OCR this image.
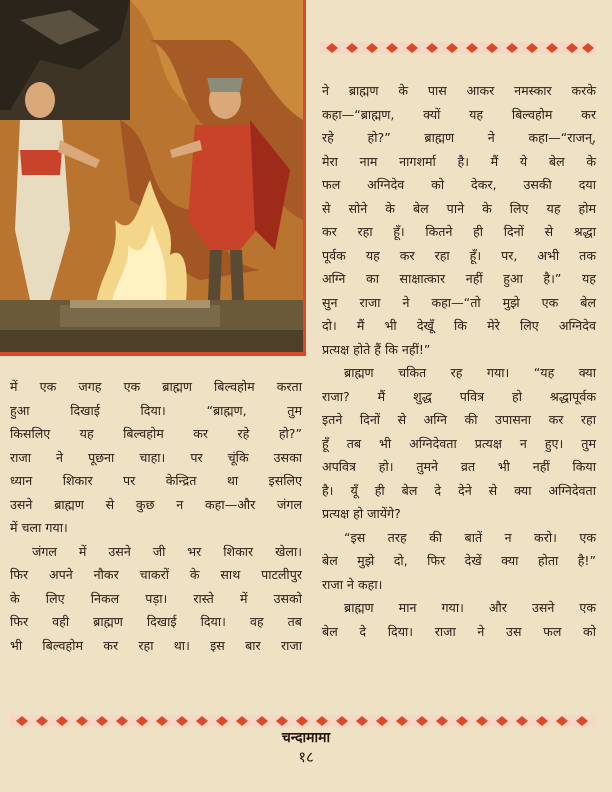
ने ब्राह्मण के पास आकर नमस्कार करके

कहा—“ब्राह्मण, क्यों यह बिल्वहोम कर

रहे हो?” ब्राह्मण ने कहा—“राजन्,

मेरा नाम नागशर्मा है। मैं ये बेल के

फल अग्निदेव को देकर, उसकी दया

से सोने के बेल पाने के लिए यह होम

कर रहा हूँ। कितने ही दिनों से श्रद्धा

पूर्वक यह कर रहा हूँ। पर, अभी तक

अग्नि का साक्षात्कार नहीं हुआ है।” यह

सुन राजा ने कहा—“तो मुझे एक बेल

दो। मैं भी देखूँ कि मेरे लिए अग्निदेव

प्रत्यक्ष होते हैं कि नहीं!”

ब्राह्मण चकित रह गया। “यह क्या

राजा? मैं शुद्ध पवित्र हो श्रद्धापूर्वक

इतने दिनों से अग्नि की उपासना कर रहा

हूँ तब भी अग्निदेवता प्रत्यक्ष न हुए। तुम

अपवित्र हो। तुमने व्रत भी नहीं किया

है। यूँ ही बेल दे देने से क्या अग्निदेवता

प्रत्यक्ष हो जायेंगे?

“इस तरह की बातें न करो। एक

बेल मुझे दो, फिर देखें क्या होता है!”

राजा ने कहा।

ब्राह्मण मान गया। और उसने एक

बेल दे दिया। राजा ने उस फल को

में एक जगह एक ब्राह्मण बिल्वहोम करता

हुआ दिखाई दिया। “ब्राह्मण, तुम

किसलिए यह बिल्वहोम कर रहे हो?”

राजा ने पूछना चाहा। पर चूंकि उसका

ध्यान शिकार पर केन्द्रित था इसलिए

उसने ब्राह्मण से कुछ न कहा—और जंगल

में चला गया।

जंगल में उसने जी भर शिकार खेला।

फिर अपने नौकर चाकरों के साथ पाटलीपुर

के लिए निकल पड़ा। रास्ते में उसको

फिर वही ब्राह्मण दिखाई दिया। वह तब

भी बिल्वहोम कर रहा था। इस बार राजा

चन्दामामा
१८
